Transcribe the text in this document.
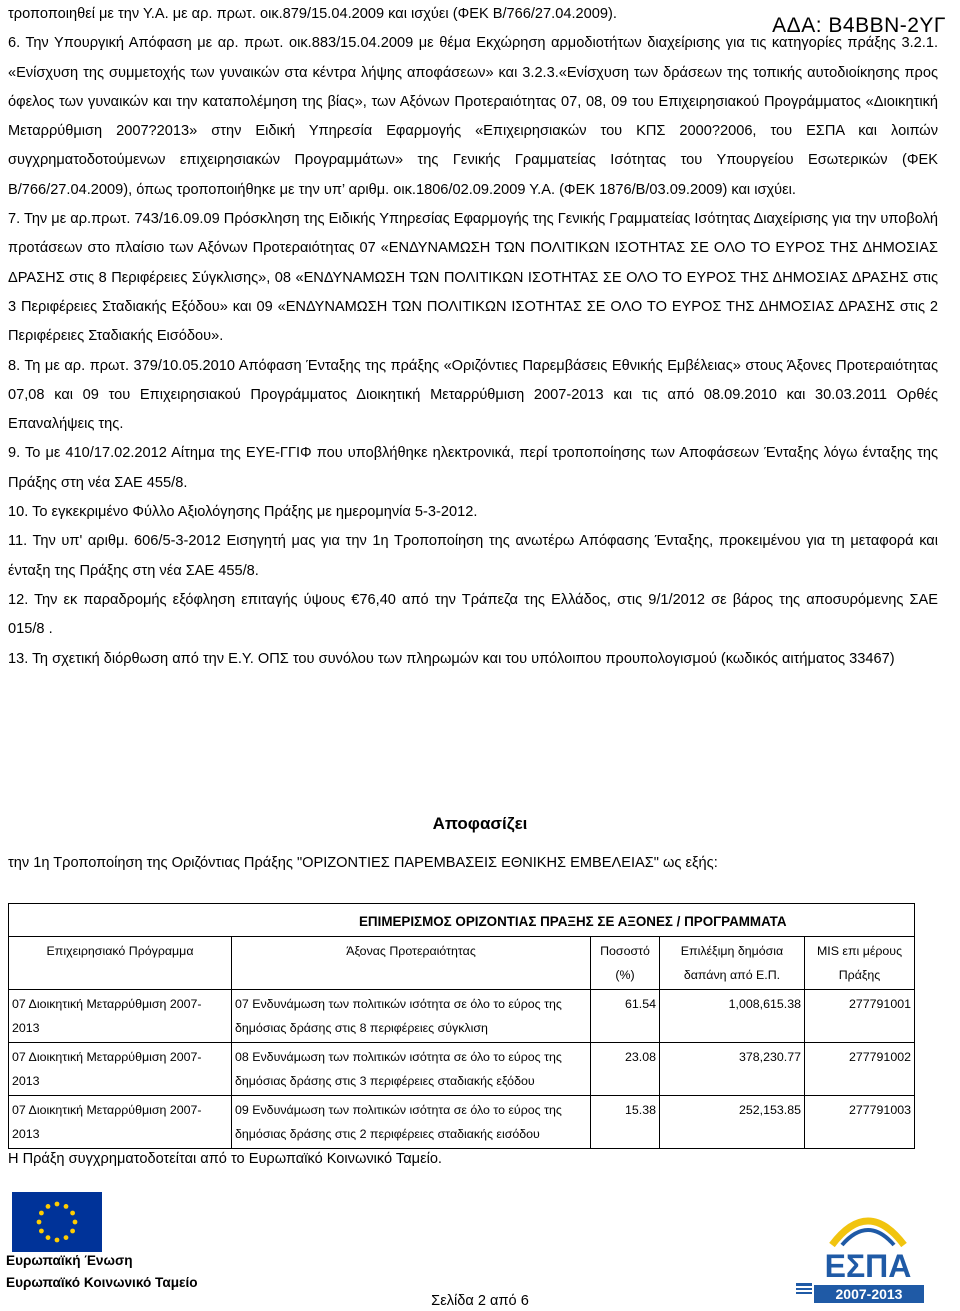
ΑΔΑ: Β4ΒΒΝ-2ΥΓ

τροποποιηθεί με την Υ.Α. με αρ. πρωτ. οικ.879/15.04.2009 και ισχύει (ΦΕΚ Β/766/27.04.2009).

6. Την Υπουργική Απόφαση με αρ. πρωτ. οικ.883/15.04.2009 με θέμα Εκχώρηση αρμοδιοτήτων διαχείρισης για τις κατηγορίες πράξης 3.2.1. «Ενίσχυση της συμμετοχής των γυναικών στα κέντρα λήψης αποφάσεων» και 3.2.3.«Ενίσχυση των δράσεων της τοπικής αυτοδιοίκησης προς όφελος των γυναικών και την καταπολέμηση της βίας», των Αξόνων Προτεραιότητας 07, 08, 09 του Επιχειρησιακού Προγράμματος «Διοικητική Μεταρρύθμιση 2007?2013» στην Ειδική Υπηρεσία Εφαρμογής «Επιχειρησιακών του ΚΠΣ 2000?2006, του ΕΣΠΑ και λοιπών συγχρηματοδοτούμενων επιχειρησιακών Προγραμμάτων» της Γενικής Γραμματείας Ισότητας του Υπουργείου Εσωτερικών (ΦΕΚ Β/766/27.04.2009), όπως τροποποιήθηκε με την υπ’ αριθμ. οικ.1806/02.09.2009 Υ.Α. (ΦΕΚ 1876/Β/03.09.2009) και ισχύει.

7. Την με αρ.πρωτ. 743/16.09.09 Πρόσκληση της Ειδικής Υπηρεσίας Εφαρμογής της Γενικής Γραμματείας Ισότητας Διαχείρισης για την υποβολή προτάσεων στο πλαίσιο των Αξόνων Προτεραιότητας 07 «ΕΝΔΥΝΑΜΩΣΗ ΤΩΝ ΠΟΛΙΤΙΚΩΝ ΙΣΟΤΗΤΑΣ ΣΕ ΟΛΟ ΤΟ ΕΥΡΟΣ ΤΗΣ ΔΗΜΟΣΙΑΣ ΔΡΑΣΗΣ στις 8 Περιφέρειες Σύγκλισης», 08 «ΕΝΔΥΝΑΜΩΣΗ ΤΩΝ ΠΟΛΙΤΙΚΩΝ ΙΣΟΤΗΤΑΣ ΣΕ ΟΛΟ ΤΟ ΕΥΡΟΣ ΤΗΣ ΔΗΜΟΣΙΑΣ ΔΡΑΣΗΣ στις 3 Περιφέρειες Σταδιακής Εξόδου» και 09 «ΕΝΔΥΝΑΜΩΣΗ ΤΩΝ ΠΟΛΙΤΙΚΩΝ ΙΣΟΤΗΤΑΣ ΣΕ ΟΛΟ ΤΟ ΕΥΡΟΣ ΤΗΣ ΔΗΜΟΣΙΑΣ ΔΡΑΣΗΣ στις 2 Περιφέρειες Σταδιακής Εισόδου».

8. Τη με αρ. πρωτ. 379/10.05.2010 Απόφαση Ένταξης της πράξης «Οριζόντιες Παρεμβάσεις Εθνικής Εμβέλειας» στους Άξονες Προτεραιότητας 07,08 και 09 του Επιχειρησιακού Προγράμματος Διοικητική Μεταρρύθμιση 2007-2013 και τις από 08.09.2010 και 30.03.2011 Ορθές Επαναλήψεις της.

9. Το με 410/17.02.2012 Αίτημα της ΕΥΕ-ΓΓΙΦ που υποβλήθηκε ηλεκτρονικά, περί τροποποίησης των Αποφάσεων Ένταξης λόγω ένταξης της Πράξης στη νέα ΣΑΕ 455/8.

10. Το εγκεκριμένο Φύλλο Αξιολόγησης Πράξης με ημερομηνία 5-3-2012.

11. Την υπ' αριθμ. 606/5-3-2012 Εισηγητή μας για την 1η Τροποποίηση της ανωτέρω Απόφασης Ένταξης, προκειμένου για τη μεταφορά και ένταξη της Πράξης στη νέα ΣΑΕ 455/8.

12. Την εκ παραδρομής εξόφληση επιταγής ύψους €76,40 από την Τράπεζα της Ελλάδος, στις 9/1/2012 σε βάρος της αποσυρόμενης ΣΑΕ 015/8 .

13. Τη σχετική διόρθωση από την Ε.Υ. ΟΠΣ του συνόλου των πληρωμών και του υπόλοιπου προυπολογισμού (κωδικός αιτήματος 33467)

Αποφασίζει
την 1η Τροποποίηση της Οριζόντιας Πράξης "ΟΡΙΖΟΝΤΙΕΣ ΠΑΡΕΜΒΑΣΕΙΣ ΕΘΝΙΚΗΣ ΕΜΒΕΛΕΙΑΣ" ως εξής:
	ΕΠΙΜΕΡΙΣΜΟΣ ΟΡΙΖΟΝΤΙΑΣ ΠΡΑΞΗΣ ΣΕ ΑΞΟΝΕΣ / ΠΡΟΓΡΑΜΜΑΤΑ			
Επιχειρησιακό Πρόγραμμα	Άξονας Προτεραιότητας	Ποσοστό (%)	Επιλέξιμη δημόσια δαπάνη από Ε.Π.	MIS επι μέρους Πράξης
07 Διοικητική Μεταρρύθμιση 2007-2013	07 Ενδυνάμωση των πολιτικών ισότητα σε όλο το εύρος της δημόσιας δράσης στις 8 περιφέρειες σύγκλιση	61.54	1,008,615.38	277791001
07 Διοικητική Μεταρρύθμιση 2007-2013	08 Ενδυνάμωση των πολιτικών ισότητα σε όλο το εύρος της δημόσιας δράσης στις 3 περιφέρειες σταδιακής εξόδου	23.08	378,230.77	277791002
07 Διοικητική Μεταρρύθμιση 2007-2013	09 Ενδυνάμωση των πολιτικών ισότητα σε όλο το εύρος της δημόσιας δράσης στις 2 περιφέρειες σταδιακής εισόδου	15.38	252,153.85	277791003
Η Πράξη συγχρηματοδοτείται από το Ευρωπαϊκό Κοινωνικό Ταμείο.
Ευρωπαϊκή Ένωση
Ευρωπαϊκό Κοινωνικό Ταμείο	ΕΣΠΑ
2007-2013
Σελίδα 2 από 6
